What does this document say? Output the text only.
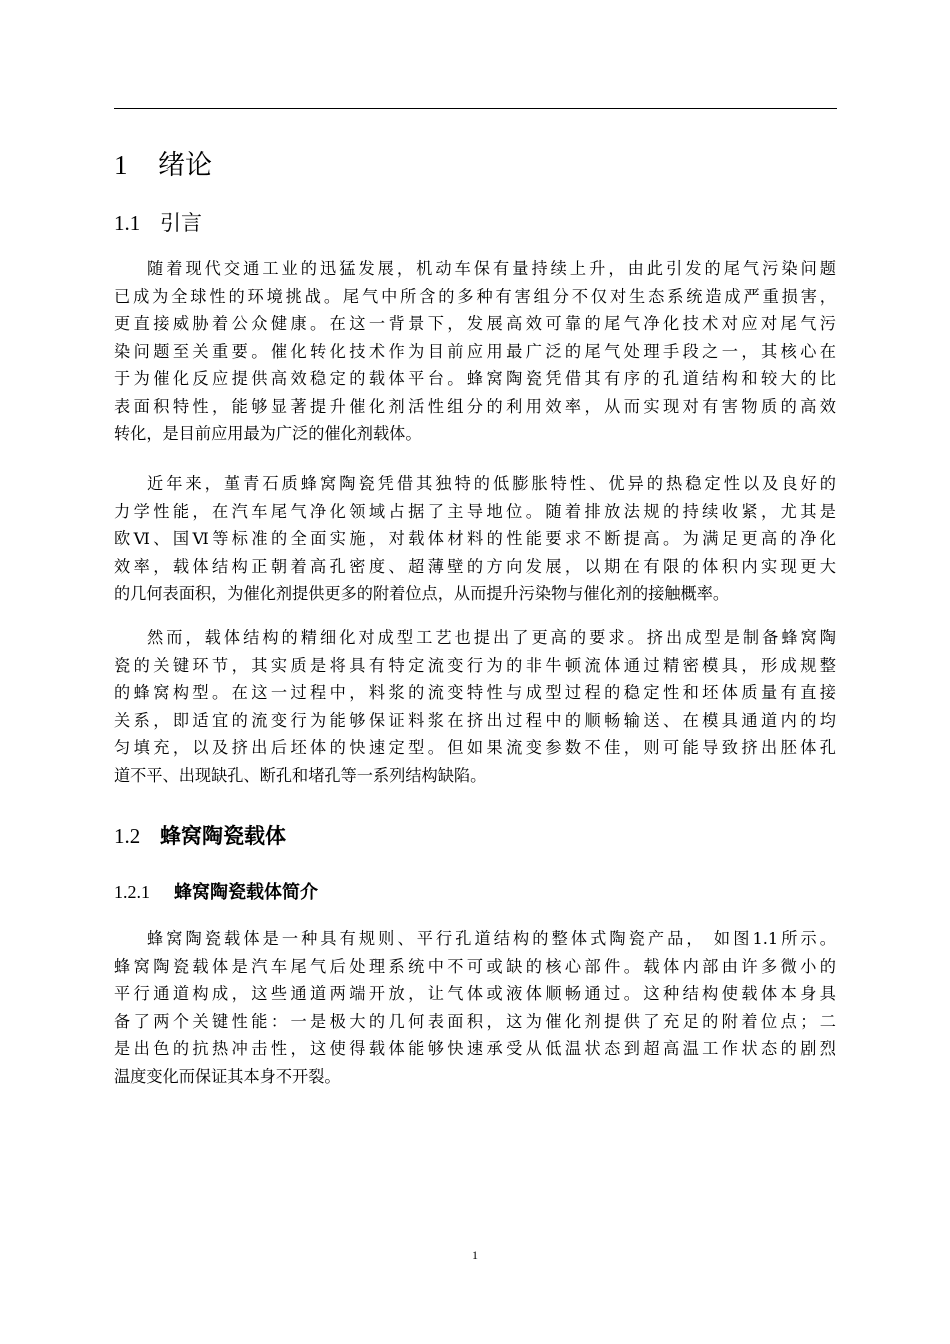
1 绪论
1.1 引言
随着现代交通工业的迅猛发展，机动车保有量持续上升，由此引发的尾气污染问题
已成为全球性的环境挑战。尾气中所含的多种有害组分不仅对生态系统造成严重损害，
更直接威胁着公众健康。在这一背景下，发展高效可靠的尾气净化技术对应对尾气污
染问题至关重要。催化转化技术作为目前应用最广泛的尾气处理手段之一，其核心在
于为催化反应提供高效稳定的载体平台。蜂窝陶瓷凭借其有序的孔道结构和较大的比
表面积特性，能够显著提升催化剂活性组分的利用效率，从而实现对有害物质的高效
转化，是目前应用最为广泛的催化剂载体。
近年来，堇青石质蜂窝陶瓷凭借其独特的低膨胀特性、优异的热稳定性以及良好的
力学性能，在汽车尾气净化领域占据了主导地位。随着排放法规的持续收紧，尤其是
欧Ⅵ、国Ⅵ等标准的全面实施，对载体材料的性能要求不断提高。为满足更高的净化
效率，载体结构正朝着高孔密度、超薄壁的方向发展，以期在有限的体积内实现更大
的几何表面积，为催化剂提供更多的附着位点，从而提升污染物与催化剂的接触概率。
然而，载体结构的精细化对成型工艺也提出了更高的要求。挤出成型是制备蜂窝陶
瓷的关键环节，其实质是将具有特定流变行为的非牛顿流体通过精密模具，形成规整
的蜂窝构型。在这一过程中，料浆的流变特性与成型过程的稳定性和坯体质量有直接
关系，即适宜的流变行为能够保证料浆在挤出过程中的顺畅输送、在模具通道内的均
匀填充，以及挤出后坯体的快速定型。但如果流变参数不佳，则可能导致挤出胚体孔
道不平、出现缺孔、断孔和堵孔等一系列结构缺陷。
1.2 蜂窝陶瓷载体
1.2.1 蜂窝陶瓷载体简介
蜂窝陶瓷载体是一种具有规则、平行孔道结构的整体式陶瓷产品， 如图1.1所示。
蜂窝陶瓷载体是汽车尾气后处理系统中不可或缺的核心部件。载体内部由许多微小的
平行通道构成，这些通道两端开放，让气体或液体顺畅通过。这种结构使载体本身具
备了两个关键性能：一是极大的几何表面积，这为催化剂提供了充足的附着位点；二
是出色的抗热冲击性，这使得载体能够快速承受从低温状态到超高温工作状态的剧烈
温度变化而保证其本身不开裂。
1
